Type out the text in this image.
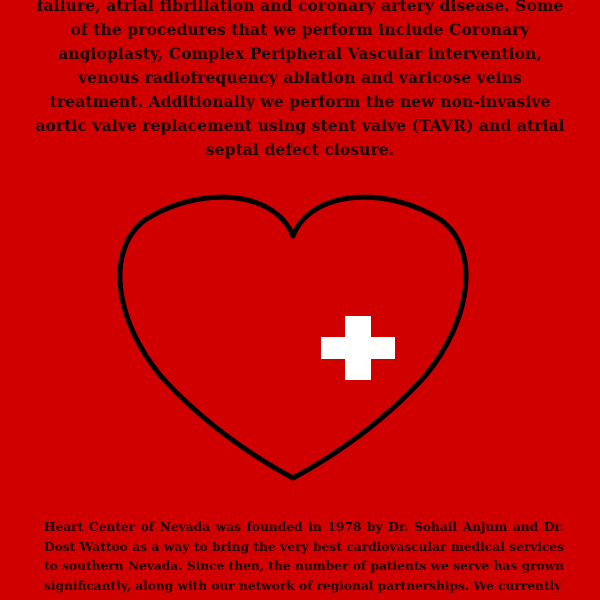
failure, atrial fibrillation and coronary artery disease. Some of the procedures that we perform include Coronary angioplasty, Complex Peripheral Vascular intervention, venous radiofrequency ablation and varicose veins treatment. Additionally we perform the new non-invasive aortic valve replacement using stent valve (TAVR) and atrial septal defect closure.
Heart Center of Nevada was founded in 1978 by Dr. Sohail Anjum and Dr. Dost Wattoo as a way to bring the very best cardiovascular medical services to southern Nevada. Since then, the number of patients we serve has grown significantly, along with our network of regional partnerships. We currently
